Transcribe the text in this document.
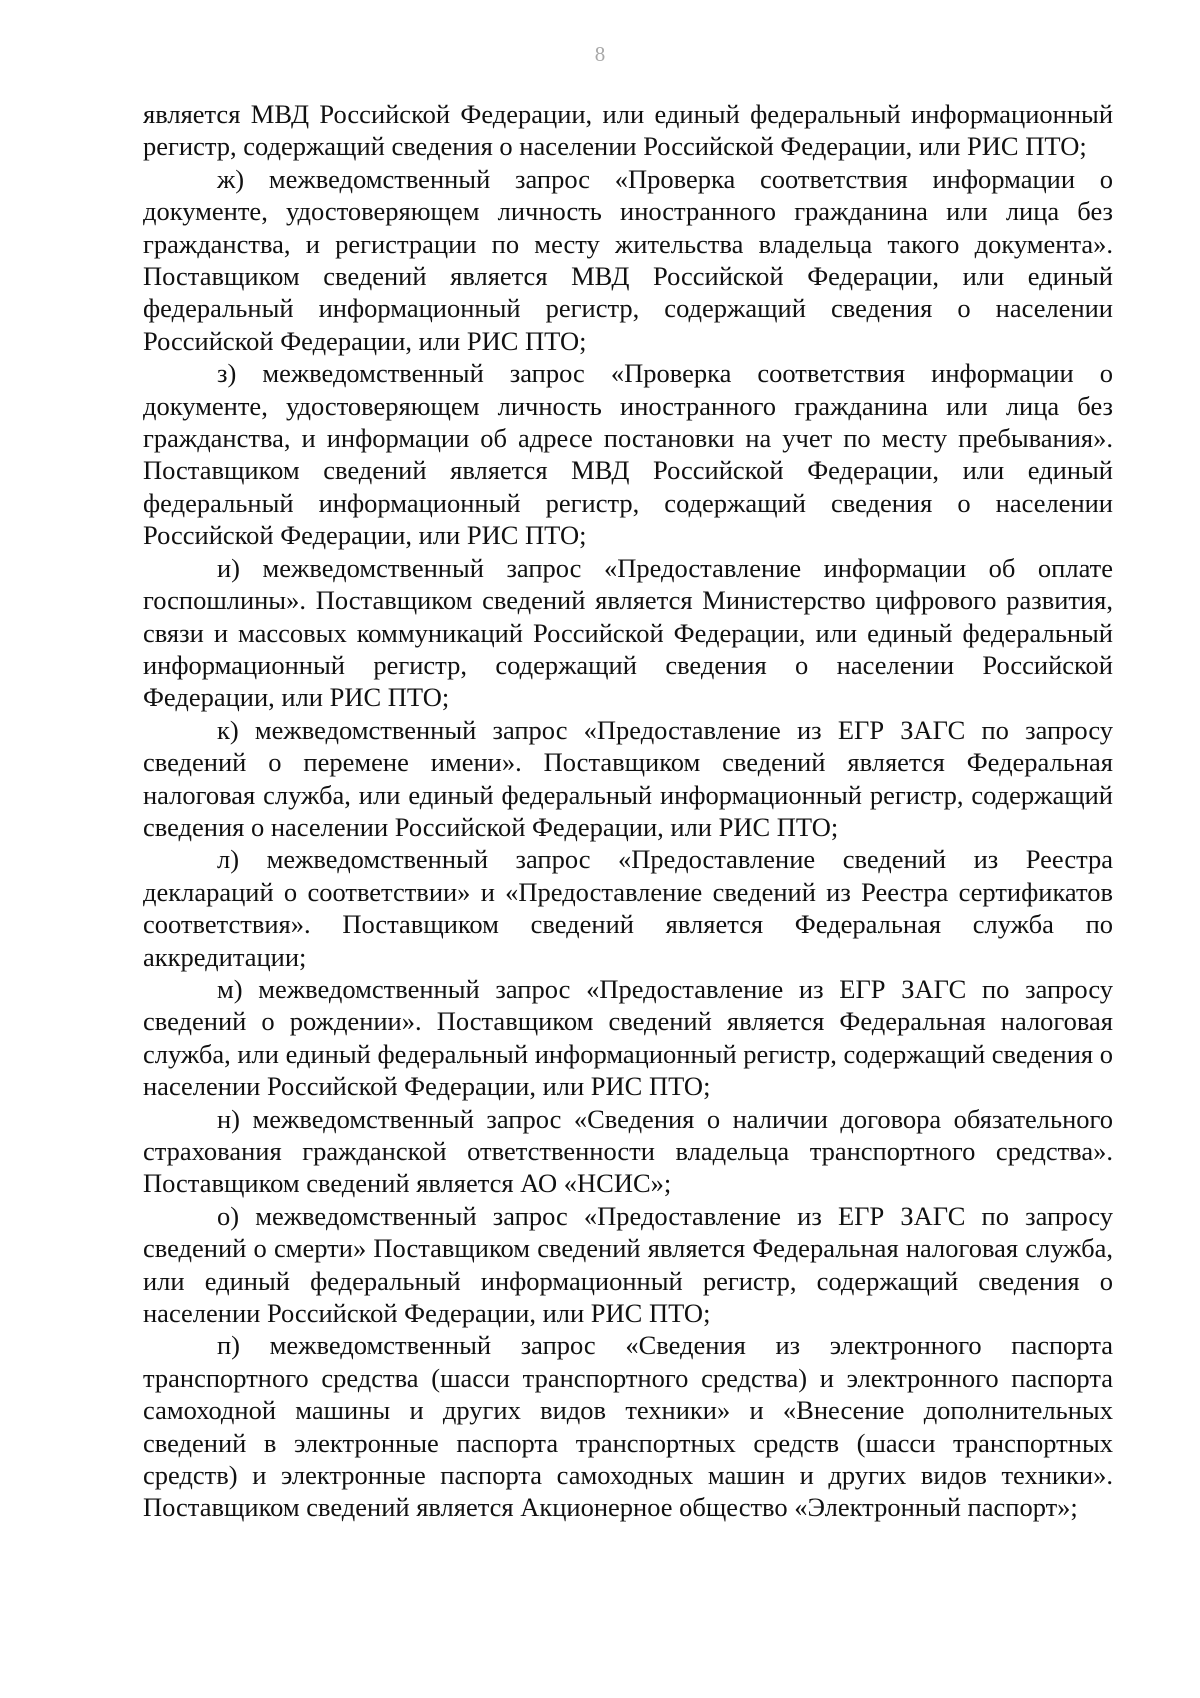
8

является МВД Российской Федерации, или единый федеральный информационный регистр, содержащий сведения о населении Российской Федерации, или РИС ПТО;

ж) межведомственный запрос «Проверка соответствия информации о документе, удостоверяющем личность иностранного гражданина или лица без гражданства, и регистрации по месту жительства владельца такого документа». Поставщиком сведений является МВД Российской Федерации, или единый федеральный информационный регистр, содержащий сведения о населении Российской Федерации, или РИС ПТО;

з) межведомственный запрос «Проверка соответствия информации о документе, удостоверяющем личность иностранного гражданина или лица без гражданства, и информации об адресе постановки на учет по месту пребывания». Поставщиком сведений является МВД Российской Федерации, или единый федеральный информационный регистр, содержащий сведения о населении Российской Федерации, или РИС ПТО;

и) межведомственный запрос «Предоставление информации об оплате госпошлины». Поставщиком сведений является Министерство цифрового развития, связи и массовых коммуникаций Российской Федерации, или единый федеральный информационный регистр, содержащий сведения о населении Российской Федерации, или РИС ПТО;

к) межведомственный запрос «Предоставление из ЕГР ЗАГС по запросу сведений о перемене имени». Поставщиком сведений является Федеральная налоговая служба, или единый федеральный информационный регистр, содержащий сведения о населении Российской Федерации, или РИС ПТО;

л) межведомственный запрос «Предоставление сведений из Реестра деклараций о соответствии» и «Предоставление сведений из Реестра сертификатов соответствия». Поставщиком сведений является Федеральная служба по аккредитации;

м) межведомственный запрос «Предоставление из ЕГР ЗАГС по запросу сведений о рождении». Поставщиком сведений является Федеральная налоговая служба, или единый федеральный информационный регистр, содержащий сведения о населении Российской Федерации, или РИС ПТО;

н) межведомственный запрос «Сведения о наличии договора обязательного страхования гражданской ответственности владельца транспортного средства». Поставщиком сведений является АО «НСИС»;

о) межведомственный запрос «Предоставление из ЕГР ЗАГС по запросу сведений о смерти» Поставщиком сведений является Федеральная налоговая служба, или единый федеральный информационный регистр, содержащий сведения о населении Российской Федерации, или РИС ПТО;

п) межведомственный запрос «Сведения из электронного паспорта транспортного средства (шасси транспортного средства) и электронного паспорта самоходной машины и других видов техники» и «Внесение дополнительных сведений в электронные паспорта транспортных средств (шасси транспортных средств) и электронные паспорта самоходных машин и других видов техники». Поставщиком сведений является Акционерное общество «Электронный паспорт»;
